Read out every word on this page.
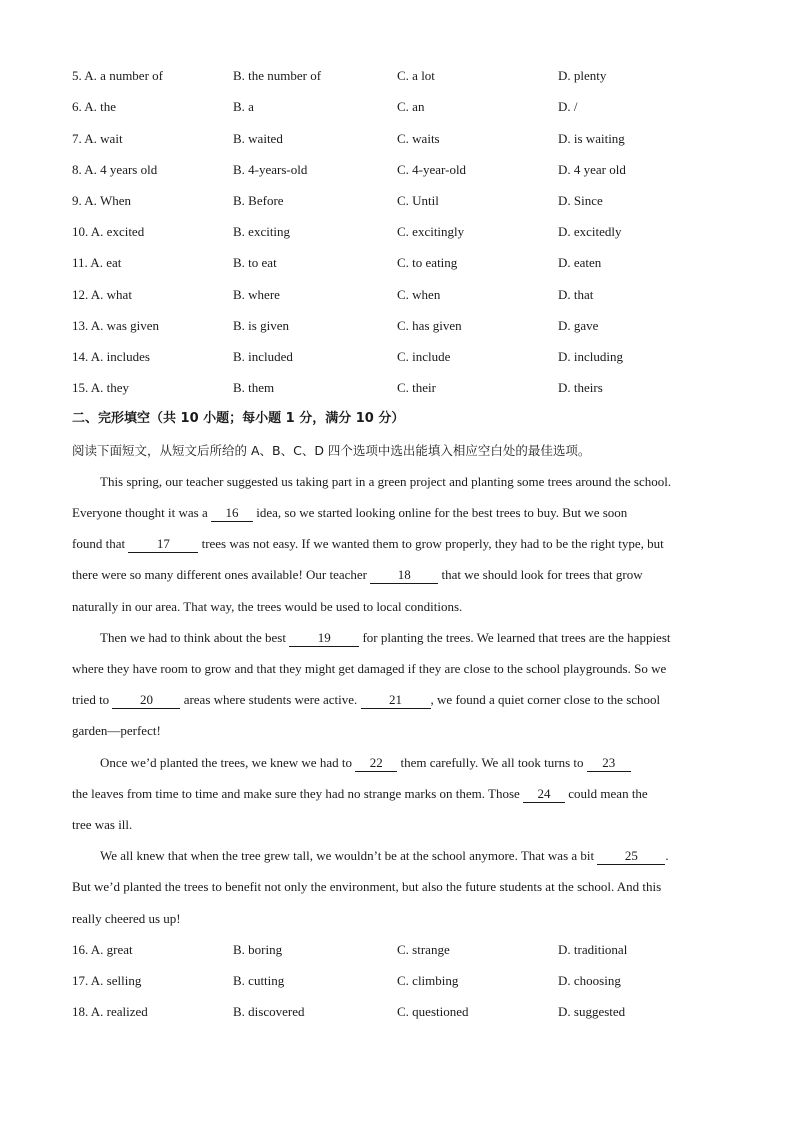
5. A. a number of	B. the number of	C. a lot	D. plenty
6. A. the	B. a	C. an	D. /
7. A. wait	B. waited	C. waits	D. is waiting
8. A. 4 years old	B. 4-years-old	C. 4-year-old	D. 4 year old
9. A. When	B. Before	C. Until	D. Since
10. A. excited	B. exciting	C. excitingly	D. excitedly
11. A. eat	B. to eat	C. to eating	D. eaten
12. A. what	B. where	C. when	D. that
13. A. was given	B. is given	C. has given	D. gave
14. A. includes	B. included	C. include	D. including
15. A. they	B. them	C. their	D. theirs
二、完形填空（共 10 小题；每小题 1 分，满分 10 分）
阅读下面短文，从短文后所给的 A、B、C、D 四个选项中选出能填入相应空白处的最佳选项。
This spring, our teacher suggested us taking part in a green project and planting some trees around the school.
Everyone thought it was a 16 idea, so we started looking online for the best trees to buy. But we soon
found that 17 trees was not easy. If we wanted them to grow properly, they had to be the right type, but
there were so many different ones available! Our teacher 18 that we should look for trees that grow
naturally in our area. That way, the trees would be used to local conditions.
Then we had to think about the best 19 for planting the trees. We learned that trees are the happiest
where they have room to grow and that they might get damaged if they are close to the school playgrounds. So we
tried to 20 areas where students were active. 21 , we found a quiet corner close to the school
garden—perfect!
Once we’d planted the trees, we knew we had to 22 them carefully. We all took turns to 23
the leaves from time to time and make sure they had no strange marks on them. Those 24 could mean the
tree was ill.
We all knew that when the tree grew tall, we wouldn’t be at the school anymore. That was a bit 25 .
But we’d planted the trees to benefit not only the environment, but also the future students at the school. And this
really cheered us up!
16. A. great	B. boring	C. strange	D. traditional
17. A. selling	B. cutting	C. climbing	D. choosing
18. A. realized	B. discovered	C. questioned	D. suggested
